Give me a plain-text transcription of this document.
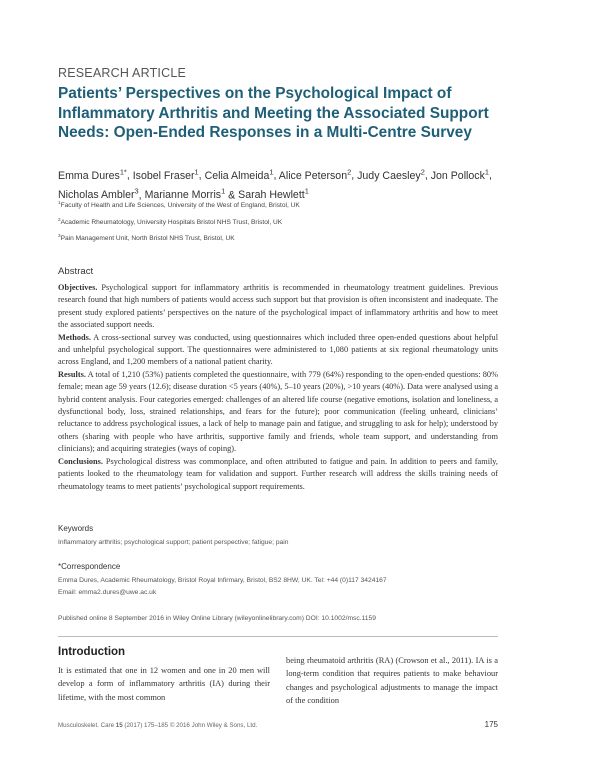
RESEARCH ARTICLE
Patients’ Perspectives on the Psychological Impact of Inflammatory Arthritis and Meeting the Associated Support Needs: Open-Ended Responses in a Multi-Centre Survey
Emma Dures$^{1*}$, Isobel Fraser$^1$, Celia Almeida$^1$, Alice Peterson$^2$, Judy Caesley$^2$, Jon Pollock$^1$, Nicholas Ambler$^3$, Marianne Morris$^1$ & Sarah Hewlett$^1$
$^1$Faculty of Health and Life Sciences, University of the West of England, Bristol, UK
$^2$Academic Rheumatology, University Hospitals Bristol NHS Trust, Bristol, UK
$^3$Pain Management Unit, North Bristol NHS Trust, Bristol, UK
Abstract

Objectives. Psychological support for inflammatory arthritis is recommended in rheumatology treatment guidelines. Previous research found that high numbers of patients would access such support but that provision is often inconsistent and inadequate. The present study explored patients’ perspectives on the nature of the psychological impact of inflammatory arthritis and how to meet the associated support needs.

Methods. A cross-sectional survey was conducted, using questionnaires which included three open-ended questions about helpful and unhelpful psychological support. The questionnaires were administered to 1,080 patients at six regional rheumatology units across England, and 1,200 members of a national patient charity.

Results. A total of 1,210 (53%) patients completed the questionnaire, with 779 (64%) responding to the open-ended questions: 80% female; mean age 59 years (12.6); disease duration <5 years (40%), 5–10 years (20%), >10 years (40%). Data were analysed using a hybrid content analysis. Four categories emerged: challenges of an altered life course (negative emotions, isolation and loneliness, a dysfunctional body, loss, strained relationships, and fears for the future); poor communication (feeling unheard, clinicians’ reluctance to address psychological issues, a lack of help to manage pain and fatigue, and struggling to ask for help); understood by others (sharing with people who have arthritis, supportive family and friends, whole team support, and understanding from clinicians); and acquiring strategies (ways of coping).

Conclusions. Psychological distress was commonplace, and often attributed to fatigue and pain. In addition to peers and family, patients looked to the rheumatology team for validation and support. Further research will address the skills training needs of rheumatology teams to meet patients’ psychological support requirements.

Keywords
Inflammatory arthritis; psychological support; patient perspective; fatigue; pain
*Correspondence
Emma Dures, Academic Rheumatology, Bristol Royal Infirmary, Bristol, BS2 8HW, UK. Tel: +44 (0)117 3424167
Email: emma2.dures@uwe.ac.uk
Published online 8 September 2016 in Wiley Online Library (wileyonlinelibrary.com) DOI: 10.1002/msc.1159
Introduction

It is estimated that one in 12 women and one in 20 men will develop a form of inflammatory arthritis (IA) during their lifetime, with the most common

being rheumatoid arthritis (RA) (Crowson et al., 2011). IA is a long-term condition that requires patients to make behaviour changes and psychological adjustments to manage the impact of the condition

Musculoskelet. Care 15 (2017) 175–185 © 2016 John Wiley & Sons, Ltd.	175
